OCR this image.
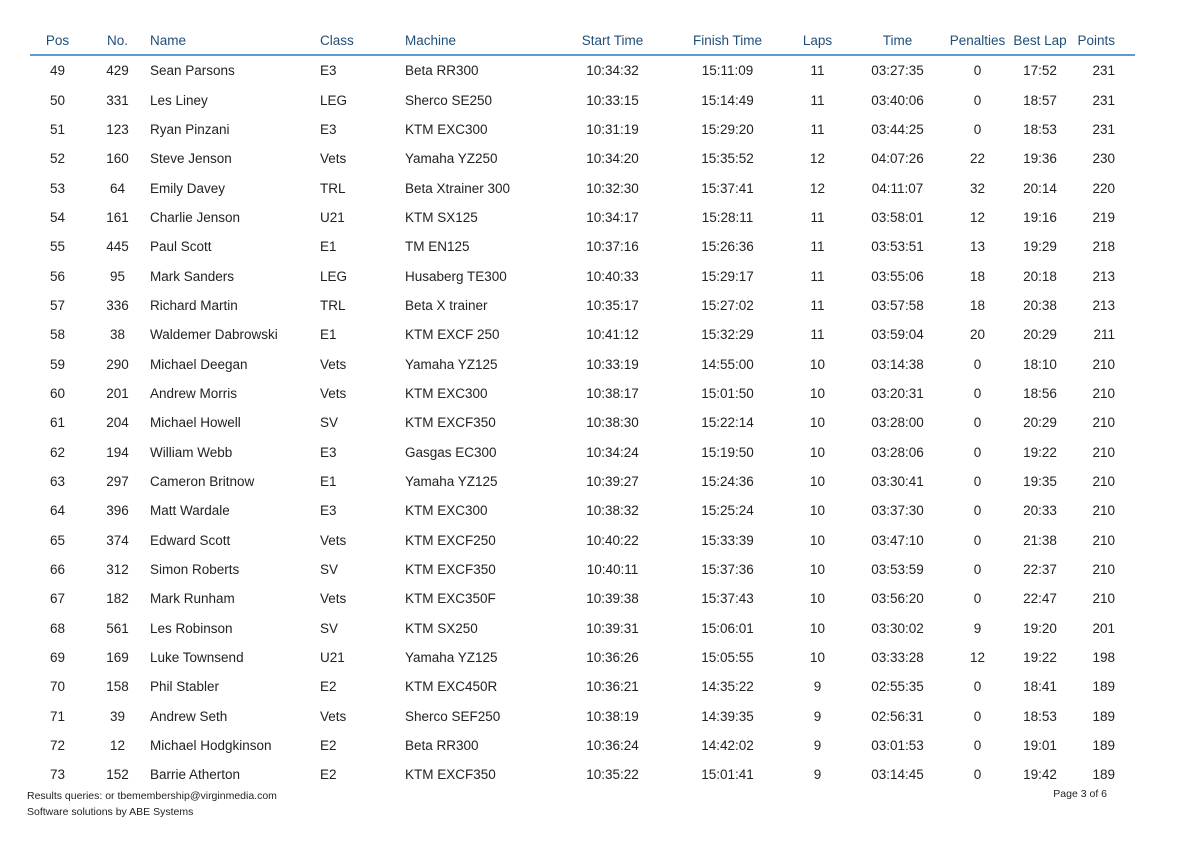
Pos	No.	Name	Class	Machine	Start Time	Finish Time	Laps	Time	Penalties	Best Lap	Points
49	429	Sean Parsons	E3	Beta RR300	10:34:32	15:11:09	11	03:27:35	0	17:52	231
50	331	Les Liney	LEG	Sherco SE250	10:33:15	15:14:49	11	03:40:06	0	18:57	231
51	123	Ryan Pinzani	E3	KTM EXC300	10:31:19	15:29:20	11	03:44:25	0	18:53	231
52	160	Steve Jenson	Vets	Yamaha YZ250	10:34:20	15:35:52	12	04:07:26	22	19:36	230
53	64	Emily Davey	TRL	Beta Xtrainer 300	10:32:30	15:37:41	12	04:11:07	32	20:14	220
54	161	Charlie Jenson	U21	KTM SX125	10:34:17	15:28:11	11	03:58:01	12	19:16	219
55	445	Paul Scott	E1	TM EN125	10:37:16	15:26:36	11	03:53:51	13	19:29	218
56	95	Mark Sanders	LEG	Husaberg TE300	10:40:33	15:29:17	11	03:55:06	18	20:18	213
57	336	Richard Martin	TRL	Beta X trainer	10:35:17	15:27:02	11	03:57:58	18	20:38	213
58	38	Waldemer Dabrowski	E1	KTM EXCF 250	10:41:12	15:32:29	11	03:59:04	20	20:29	211
59	290	Michael Deegan	Vets	Yamaha YZ125	10:33:19	14:55:00	10	03:14:38	0	18:10	210
60	201	Andrew Morris	Vets	KTM EXC300	10:38:17	15:01:50	10	03:20:31	0	18:56	210
61	204	Michael Howell	SV	KTM EXCF350	10:38:30	15:22:14	10	03:28:00	0	20:29	210
62	194	William Webb	E3	Gasgas EC300	10:34:24	15:19:50	10	03:28:06	0	19:22	210
63	297	Cameron Britnow	E1	Yamaha YZ125	10:39:27	15:24:36	10	03:30:41	0	19:35	210
64	396	Matt Wardale	E3	KTM EXC300	10:38:32	15:25:24	10	03:37:30	0	20:33	210
65	374	Edward Scott	Vets	KTM EXCF250	10:40:22	15:33:39	10	03:47:10	0	21:38	210
66	312	Simon Roberts	SV	KTM EXCF350	10:40:11	15:37:36	10	03:53:59	0	22:37	210
67	182	Mark Runham	Vets	KTM EXC350F	10:39:38	15:37:43	10	03:56:20	0	22:47	210
68	561	Les Robinson	SV	KTM SX250	10:39:31	15:06:01	10	03:30:02	9	19:20	201
69	169	Luke Townsend	U21	Yamaha YZ125	10:36:26	15:05:55	10	03:33:28	12	19:22	198
70	158	Phil Stabler	E2	KTM EXC450R	10:36:21	14:35:22	9	02:55:35	0	18:41	189
71	39	Andrew Seth	Vets	Sherco SEF250	10:38:19	14:39:35	9	02:56:31	0	18:53	189
72	12	Michael Hodgkinson	E2	Beta RR300	10:36:24	14:42:02	9	03:01:53	0	19:01	189
73	152	Barrie Atherton	E2	KTM EXCF350	10:35:22	15:01:41	9	03:14:45	0	19:42	189
Results queries: or tbemembership@virginmedia.com
Software solutions by ABE Systems
Page 3 of 6
